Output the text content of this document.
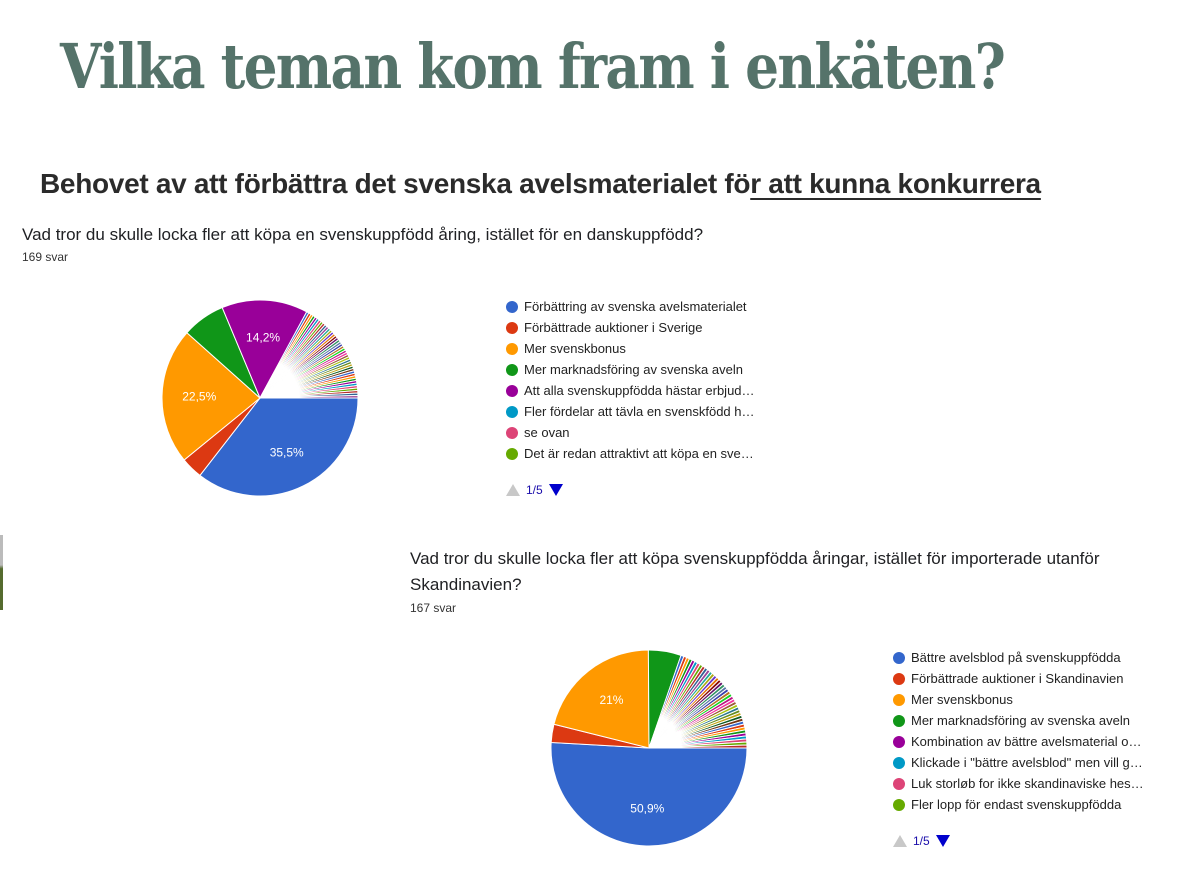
Vilka teman kom fram i enkäten?
Behovet av att förbättra det svenska avelsmaterialet för att kunna konkurrera
Vad tror du skulle locka fler att köpa en svenskuppfödd åring, istället för en danskuppfödd?
169 svar
35,5%
22,5%
14,2%
Förbättring av svenska avelsmaterialet
Förbättrade auktioner i Sverige
Mer svenskbonus
Mer marknadsföring av svenska aveln
Att alla svenskuppfödda hästar erbjud…
Fler fördelar att tävla en svenskfödd h…
se ovan
Det är redan attraktivt att köpa en sve…
1/5
Vad tror du skulle locka fler att köpa svenskuppfödda åringar, istället för importerade utanför
Skandinavien?
167 svar
50,9%
21%
Bättre avelsblod på svenskuppfödda
Förbättrade auktioner i Skandinavien
Mer svenskbonus
Mer marknadsföring av svenska aveln
Kombination av bättre avelsmaterial o…
Klickade i "bättre avelsblod" men vill g…
Luk storløb for ikke skandinaviske hes…
Fler lopp för endast svenskuppfödda
1/5
